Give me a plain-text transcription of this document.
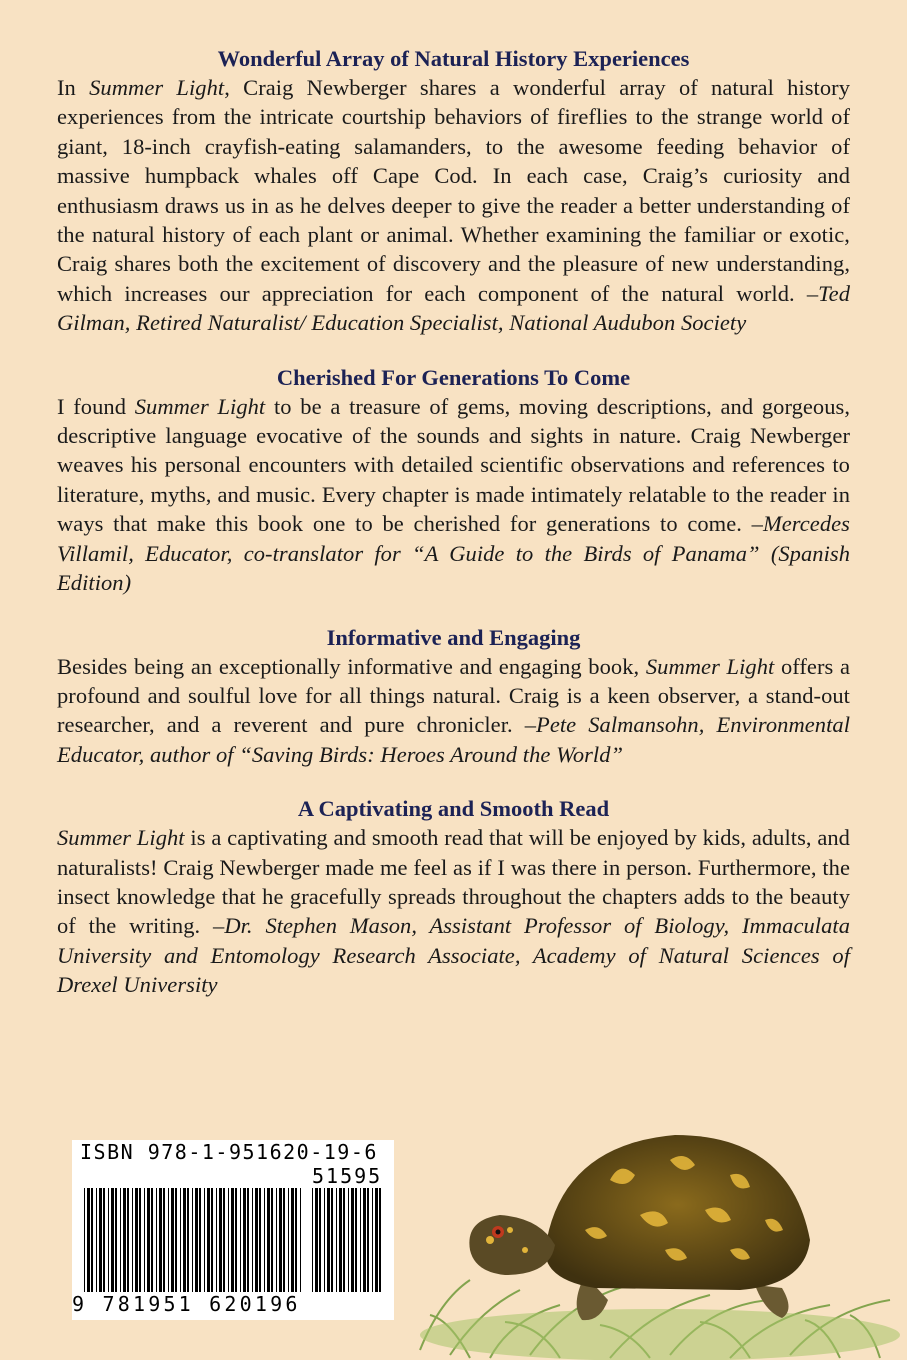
Wonderful Array of Natural History Experiences

In Summer Light, Craig Newberger shares a wonderful array of natural history experiences from the intricate courtship behaviors of fireflies to the strange world of giant, 18-inch crayfish-eating salamanders, to the awesome feeding behavior of massive humpback whales off Cape Cod. In each case, Craig’s curiosity and enthusiasm draws us in as he delves deeper to give the reader a better understanding of the natural history of each plant or animal. Whether examining the familiar or exotic, Craig shares both the excitement of discovery and the pleasure of new understanding, which increases our appreciation for each component of the natural world. –Ted Gilman, Retired Naturalist/ Education Specialist, National Audubon Society

Cherished For Generations To Come

I found Summer Light to be a treasure of gems, moving descriptions, and gorgeous, descriptive language evocative of the sounds and sights in nature. Craig Newberger weaves his personal encounters with detailed scientific observations and references to literature, myths, and music. Every chapter is made intimately relatable to the reader in ways that make this book one to be cherished for generations to come. –Mercedes Villamil, Educator, co-translator for “A Guide to the Birds of Panama” (Spanish Edition)

Informative and Engaging

Besides being an exceptionally informative and engaging book, Summer Light offers a profound and soulful love for all things natural. Craig is a keen observer, a stand-out researcher, and a reverent and pure chronicler. –Pete Salmansohn, Environmental Educator, author of “Saving Birds: Heroes Around the World”

A Captivating and Smooth Read

Summer Light is a captivating and smooth read that will be enjoyed by kids, adults, and naturalists! Craig Newberger made me feel as if I was there in person. Furthermore, the insect knowledge that he gracefully spreads throughout the chapters adds to the beauty of the writing. –Dr. Stephen Mason, Assistant Professor of Biology, Immaculata University and Entomology Research Associate, Academy of Natural Sciences of Drexel University

ISBN 978-1-951620-19-6
51595
9 781951 620196
